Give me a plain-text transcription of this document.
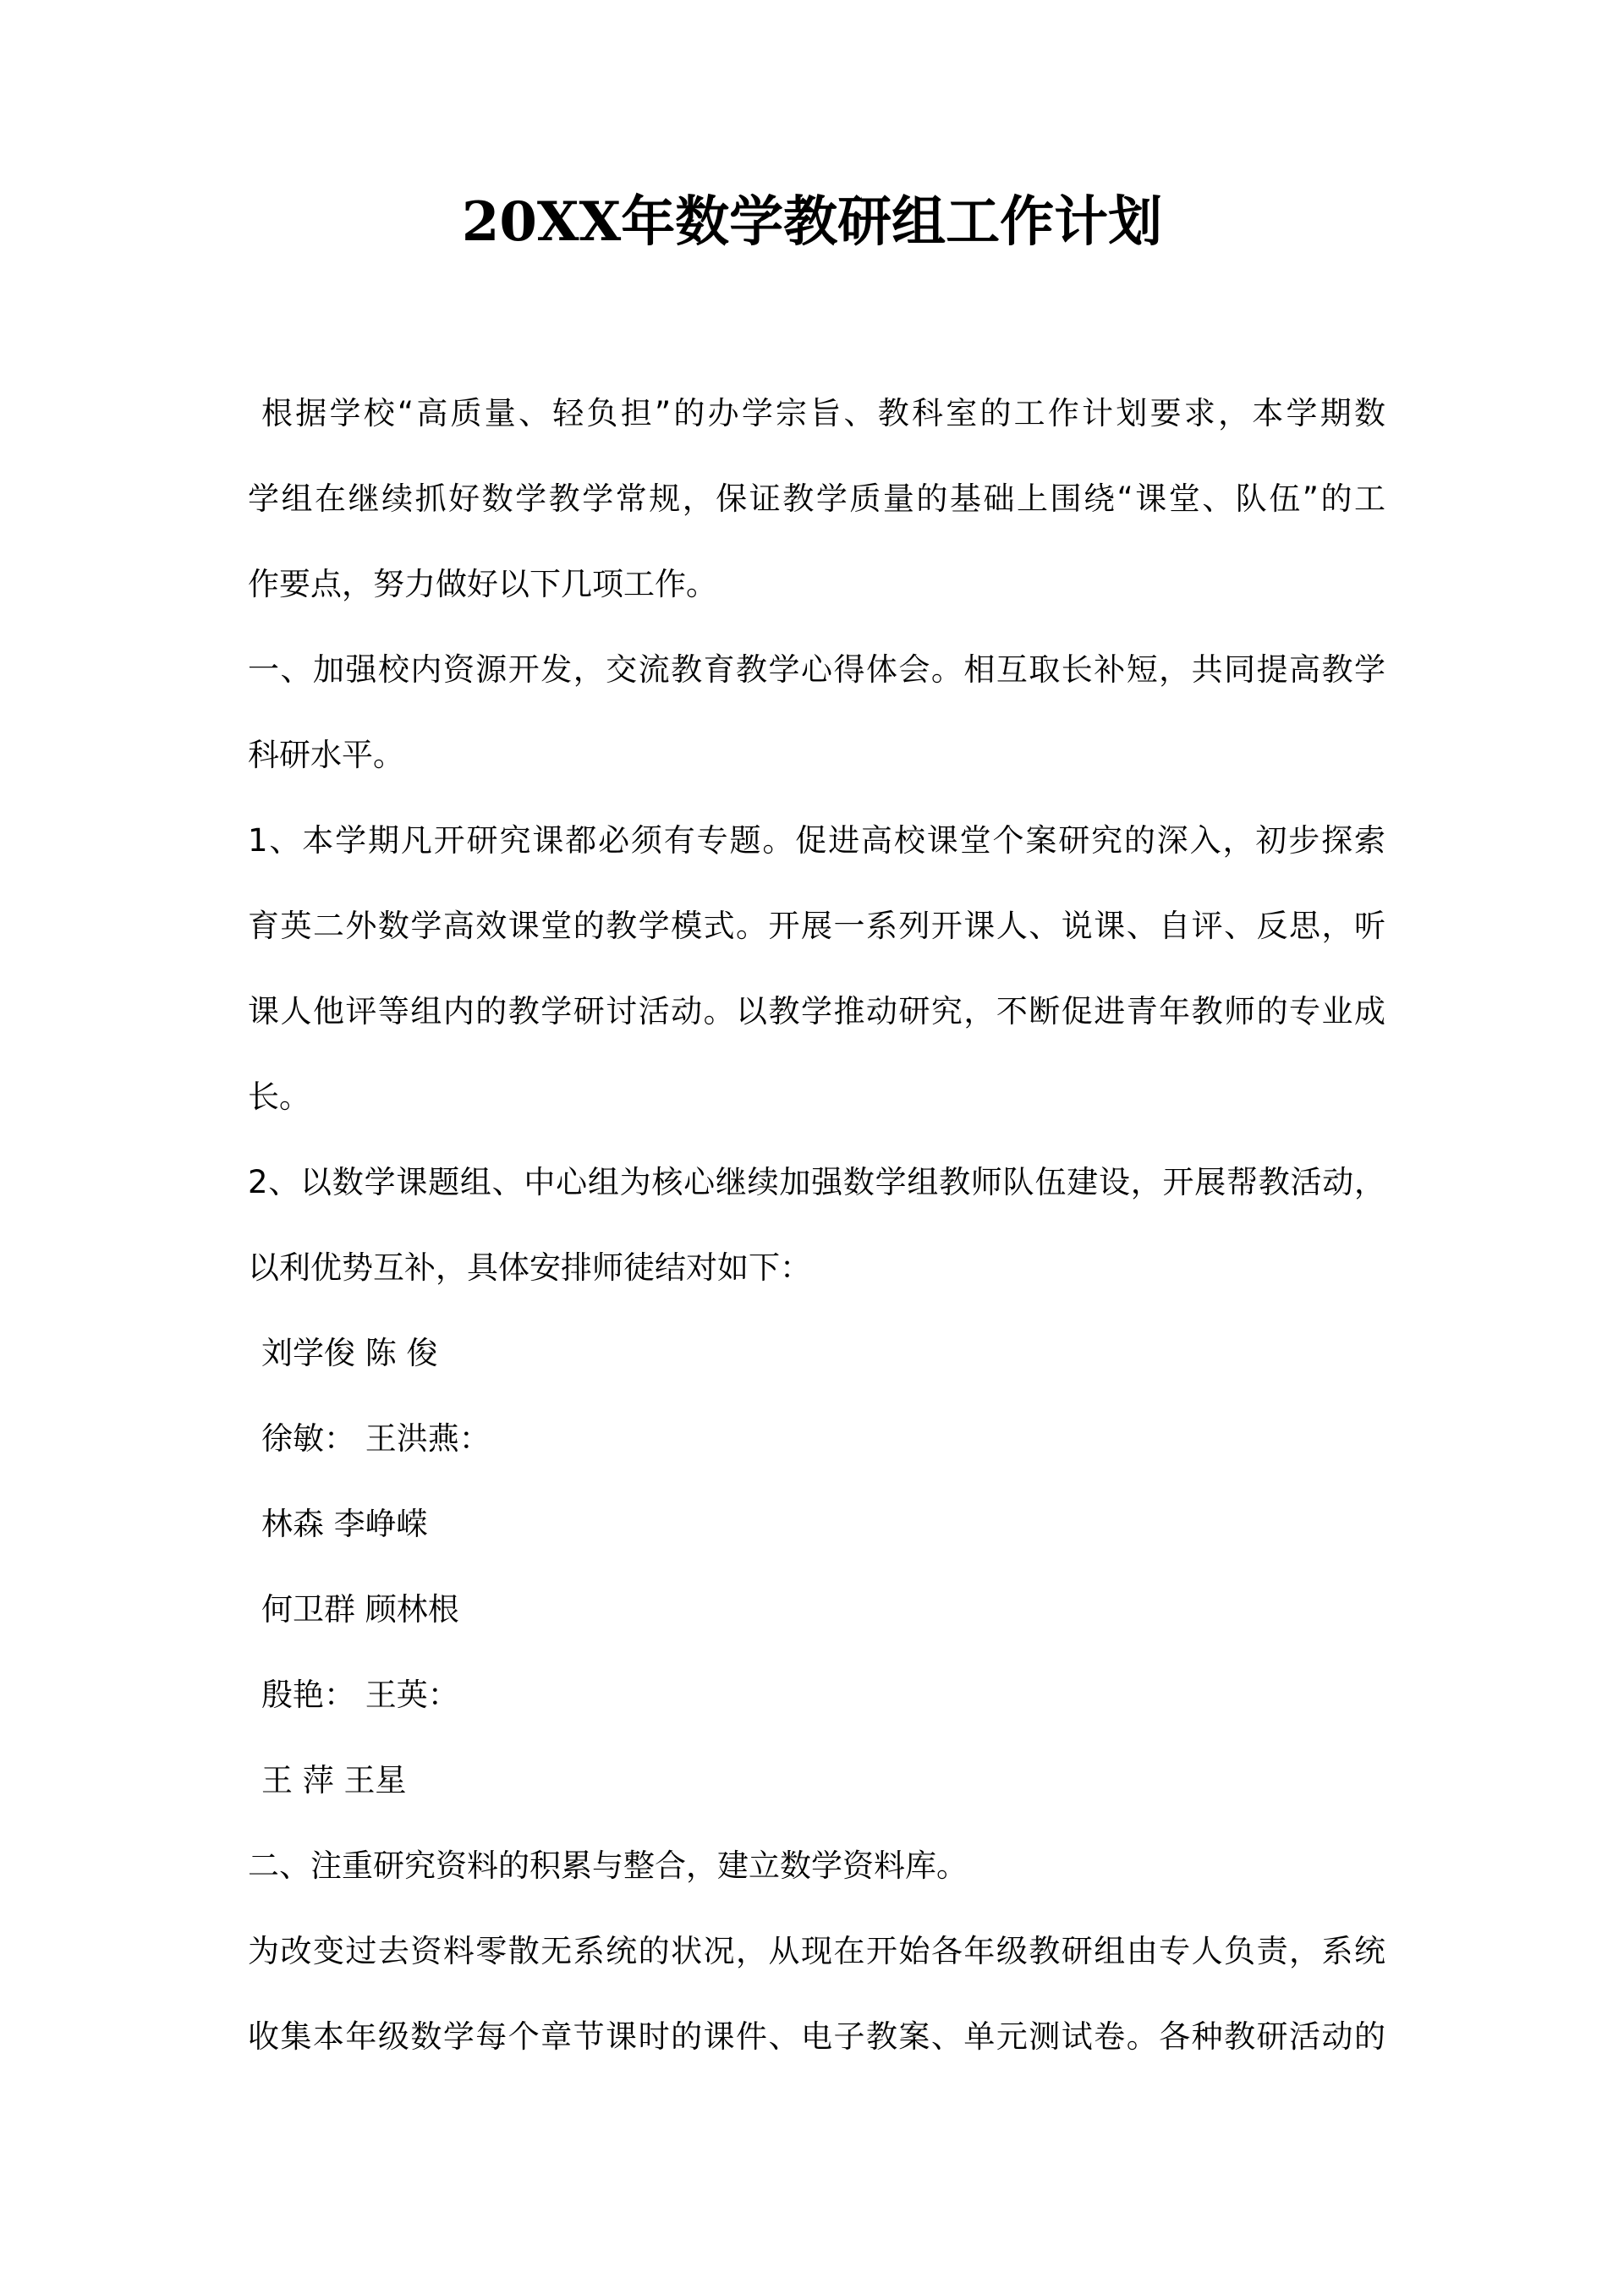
20XX年数学教研组工作计划

根据学校“高质量、轻负担”的办学宗旨、教科室的工作计划要求，本学期数

学组在继续抓好数学教学常规，保证教学质量的基础上围绕“课堂、队伍”的工

作要点，努力做好以下几项工作。

一、加强校内资源开发，交流教育教学心得体会。相互取长补短，共同提高教学

科研水平。

1、本学期凡开研究课都必须有专题。促进高校课堂个案研究的深入，初步探索

育英二外数学高效课堂的教学模式。开展一系列开课人、说课、自评、反思，听

课人他评等组内的教学研讨活动。以教学推动研究，不断促进青年教师的专业成

长。

2、以数学课题组、中心组为核心继续加强数学组教师队伍建设，开展帮教活动，

以利优势互补，具体安排师徒结对如下：

刘学俊 陈 俊

徐敏： 王洪燕：

林森 李峥嵘

何卫群 顾林根

殷艳： 王英：

王 萍 王星

二、注重研究资料的积累与整合，建立数学资料库。

为改变过去资料零散无系统的状况，从现在开始各年级教研组由专人负责，系统

收集本年级数学每个章节课时的课件、电子教案、单元测试卷。各种教研活动的
